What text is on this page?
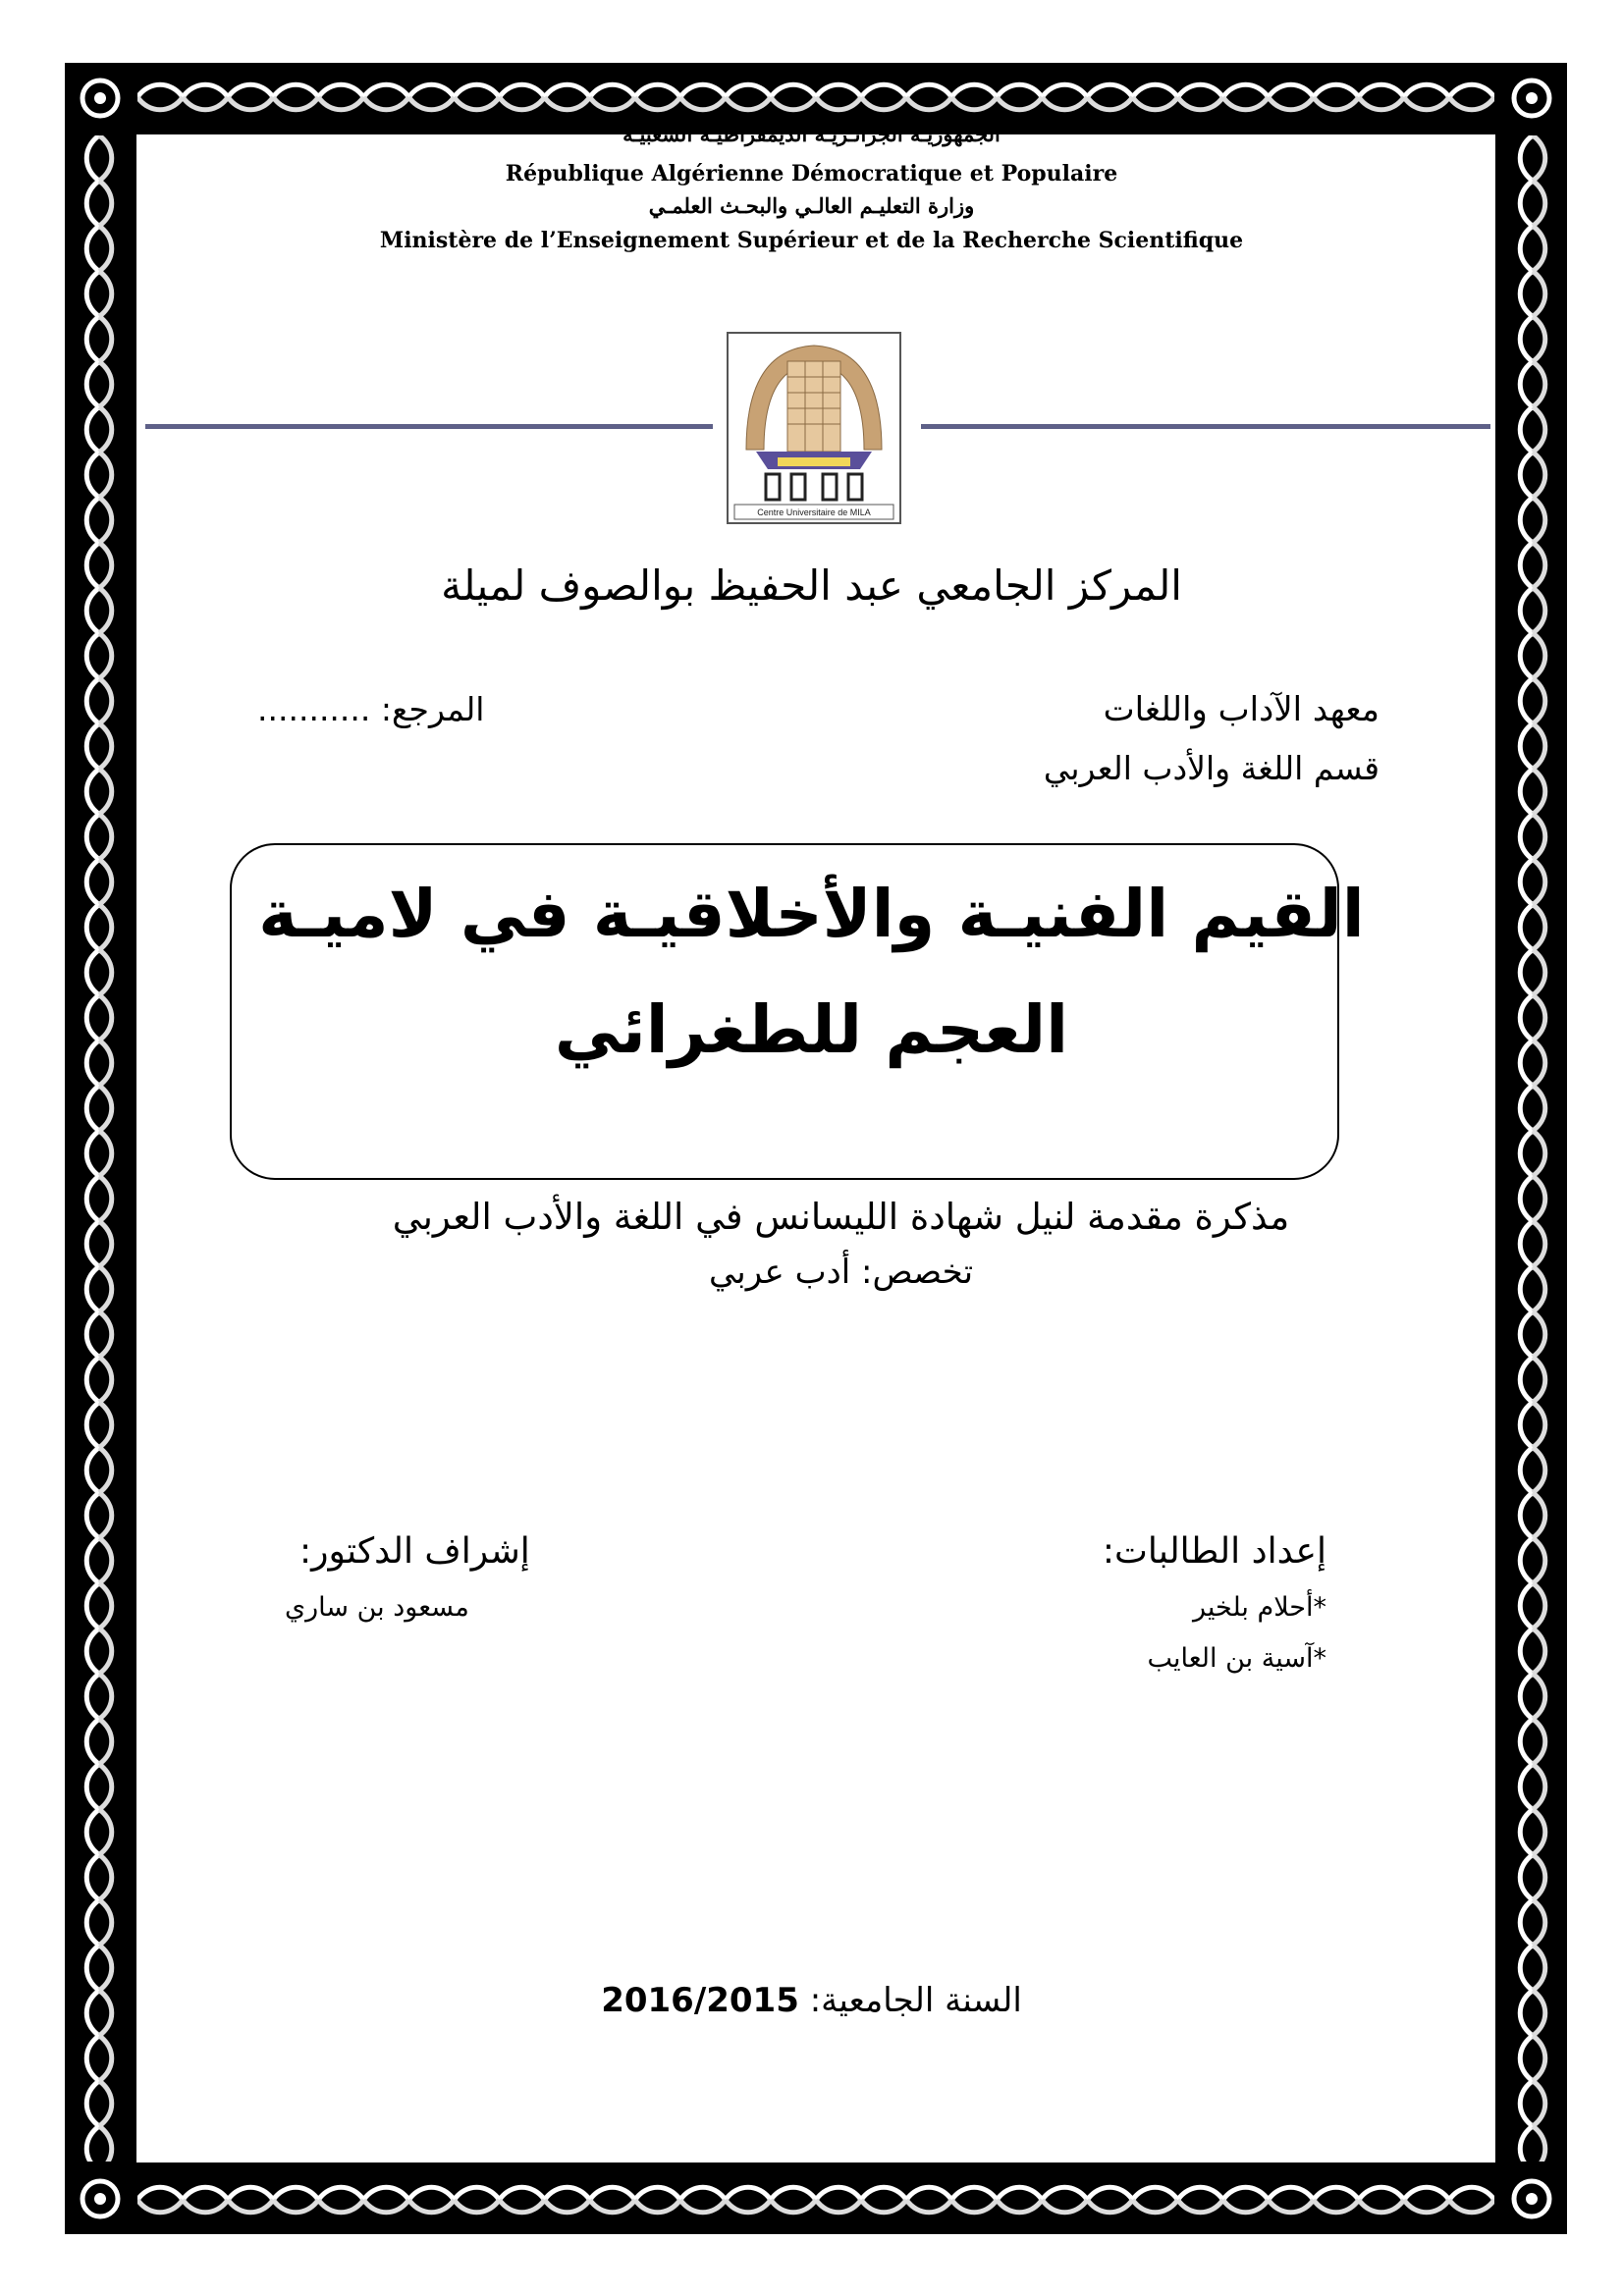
الجمهوريـة الجزائـريـة الديمقراطيـة الشعبيـة
République Algérienne Démocratique et Populaire
وزارة التعليـم العالـي والبحـث العلمـي
Ministère de l’Enseignement Supérieur et de la Recherche Scientifique
Centre Universitaire de MILA
المركز الجامعي عبد الحفيظ بوالصوف لميلة
معهد الآداب واللغات
المرجع: ...........
قسم اللغة والأدب العربي
القيم الفنيـة والأخلاقيـة في لاميـة
العجم للطغرائي
مذكرة مقدمة لنيل شهادة الليسانس في اللغة والأدب العربي
تخصص: أدب عربي
إعداد الطالبات:
*أحلام بلخير
*آسية بن العايب
إشراف الدكتور:
مسعود بن ساري
السنة الجامعية: 2016/2015
